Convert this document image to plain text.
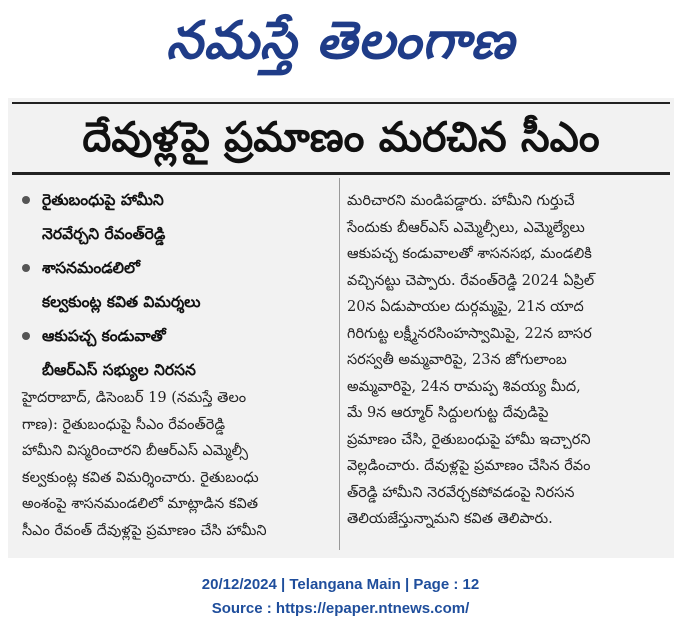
నమస్తే తెలంగాణ
దేవుళ్లపై ప్రమాణం మరచిన సీఎం
రైతుబంధుపై హామీని
నెరవేర్చని రేవంత్‌రెడ్డి
శాసనమండలిలో
కల్వకుంట్ల కవిత విమర్శలు
ఆకుపచ్చ కండువాతో
బీఆర్‌ఎస్ సభ్యుల నిరసన
హైదరాబాద్, డిసెంబర్ 19 (నమస్తే తెలం
గాణ): రైతుబంధుపై సీఎం రేవంత్‌రెడ్డి
హామీని విస్మరించారని బీఆర్‌ఎస్ ఎమ్మెల్సీ
కల్వకుంట్ల కవిత విమర్శించారు. రైతుబంధు
అంశంపై శాసనమండలిలో మాట్లాడిన కవిత
సీఎం రేవంత్ దేవుళ్లపై ప్రమాణం చేసి హామీని
మరిచారని మండిపడ్డారు. హామీని గుర్తుచే
సేందుకు బీఆర్‌ఎస్ ఎమ్మెల్సీలు, ఎమ్మెల్యేలు
ఆకుపచ్చ కండువాలతో శాసనసభ, మండలికి
వచ్చినట్టు చెప్పారు. రేవంత్‌రెడ్డి 2024 ఏప్రిల్
20న ఏడుపాయల దుర్గమ్మపై, 21న యాద
గిరిగుట్ట లక్ష్మీనరసింహస్వామిపై, 22న బాసర
సరస్వతీ అమ్మవారిపై, 23న జోగులాంబ
అమ్మవారిపై, 24న రామప్ప శివయ్య మీద,
మే 9న ఆర్మూర్ సిద్దులగుట్ట దేవుడిపై
ప్రమాణం చేసి, రైతుబంధుపై హామీ ఇచ్చారని
వెల్లడించారు. దేవుళ్లపై ప్రమాణం చేసిన రేవం
త్‌రెడ్డి హామీని నెరవేర్చకపోవడంపై నిరసన
తెలియజేస్తున్నామని కవిత తెలిపారు.
20/12/2024 | Telangana Main | Page : 12
Source : https://epaper.ntnews.com/
